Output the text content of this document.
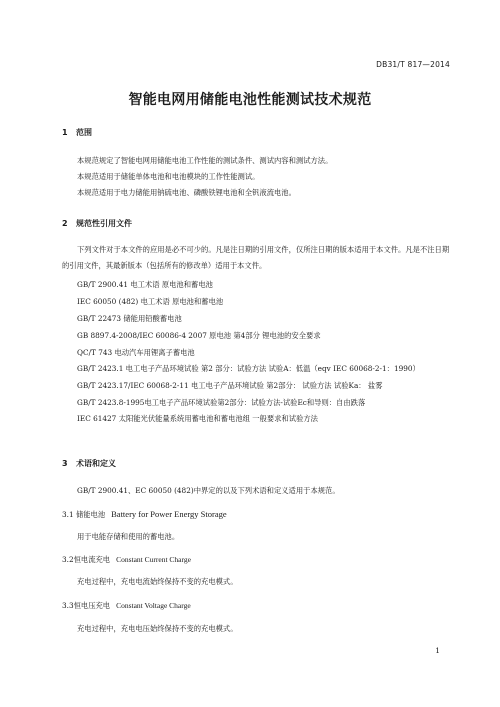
DB31/T 817—2014
智能电网用储能电池性能测试技术规范
1 范围
本规范规定了智能电网用储能电池工作性能的测试条件、测试内容和测试方法。
本规范适用于储能单体电池和电池模块的工作性能测试。
本规范适用于电力储能用钠硫电池、磷酸铁锂电池和全钒液流电池。
2 规范性引用文件
下列文件对于本文件的应用是必不可少的。凡是注日期的引用文件，仅所注日期的版本适用于本文件。凡是不注日期的引用文件，其最新版本（包括所有的修改单）适用于本文件。
GB/T 2900.41 电工术语 原电池和蓄电池
IEC 60050 (482) 电工术语 原电池和蓄电池
GB/T 22473 储能用铅酸蓄电池
GB 8897.4-2008/IEC 60086-4 2007 原电池 第4部分 锂电池的安全要求
QC/T 743 电动汽车用锂离子蓄电池
GB/T 2423.1 电工电子产品环境试验 第2 部分：试验方法 试验A：低温（eqv IEC 60068-2-1：1990）
GB/T 2423.17/IEC 60068-2-11 电工电子产品环境试验 第2部分： 试验方法 试验Ka： 盐雾
GB/T 2423.8-1995电工电子产品环境试验第2部分：试验方法-试验Ec和导则：自由跌落
IEC 61427 太阳能光伏能量系统用蓄电池和蓄电池组 一般要求和试验方法
3 术语和定义
GB/T 2900.41、EC 60050 (482)中界定的以及下列术语和定义适用于本规范。
3.1 储能电池 Battery for Power Energy Storage
用于电能存储和使用的蓄电池。
3.2恒电流充电 Constant Current Charge
充电过程中，充电电流始终保持不变的充电模式。
3.3恒电压充电 Constant Voltage Charge
充电过程中，充电电压始终保持不变的充电模式。
1
